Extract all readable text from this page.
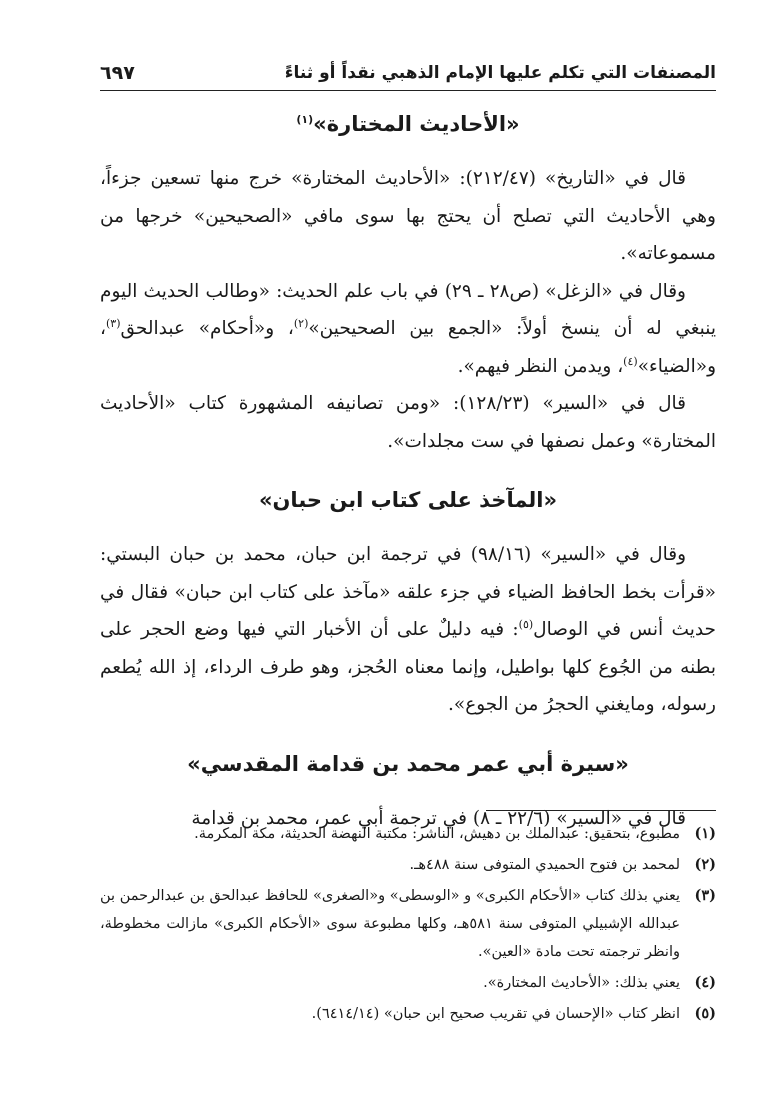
المصنفات التي تكلم عليها الإمام الذهبي نقداً أو ثناءً
٦٩٧
«الأحاديث المختارة»$^{(١)}$

قال في «التاريخ» (٢١٢/٤٧): «الأحاديث المختارة» خرج منها تسعين جزءاً، وهي الأحاديث التي تصلح أن يحتج بها سوى مافي «الصحيحين» خرجها من مسموعاته».

وقال في «الزغل» (ص٢٨ ـ ٢٩) في باب علم الحديث: «وطالب الحديث اليوم ينبغي له أن ينسخ أولاً: «الجمع بين الصحيحين»$^{(٢)}$، و«أحكام» عبدالحق$^{(٣)}$، و«الضياء»$^{(٤)}$، ويدمن النظر فيهم».

قال في «السير» (١٢٨/٢٣): «ومن تصانيفه المشهورة كتاب «الأحاديث المختارة» وعمل نصفها في ست مجلدات».

«المآخذ على كتاب ابن حبان»

وقال في «السير» (٩٨/١٦) في ترجمة ابن حبان، محمد بن حبان البستي: «قرأت بخط الحافظ الضياء في جزء علقه «مآخذ على كتاب ابن حبان» فقال في حديث أنس في الوصال$^{(٥)}$: فيه دليلٌ على أن الأخبار التي فيها وضع الحجر على بطنه من الجُوع كلها بواطيل، وإنما معناه الحُجز، وهو طرف الرداء، إذ الله يُطعم رسوله، ومايغني الحجرُ من الجوع».

«سيرة أبي عمر محمد بن قدامة المقدسي»

قال في «السير» (٢٢/٦ ـ ٨) في ترجمة أبي عمر، محمد بن قدامة

(١)
مطبوع، بتحقيق: عبدالملك بن دهيش، الناشر: مكتبة النهضة الحديثة، مكة المكرمة.
(٢)
لمحمد بن فتوح الحميدي المتوفى سنة ٤٨٨هـ.
(٣)
يعني بذلك كتاب «الأحكام الكبرى» و «الوسطى» و«الصغرى» للحافظ عبدالحق بن عبدالرحمن بن عبدالله الإشبيلي المتوفى سنة ٥٨١هـ، وكلها مطبوعة سوى «الأحكام الكبرى» مازالت مخطوطة، وانظر ترجمته تحت مادة «العين».
(٤)
يعني بذلك: «الأحاديث المختارة».
(٥)
انظر كتاب «الإحسان في تقريب صحيح ابن حبان» (٦٤١٤/١٤).
